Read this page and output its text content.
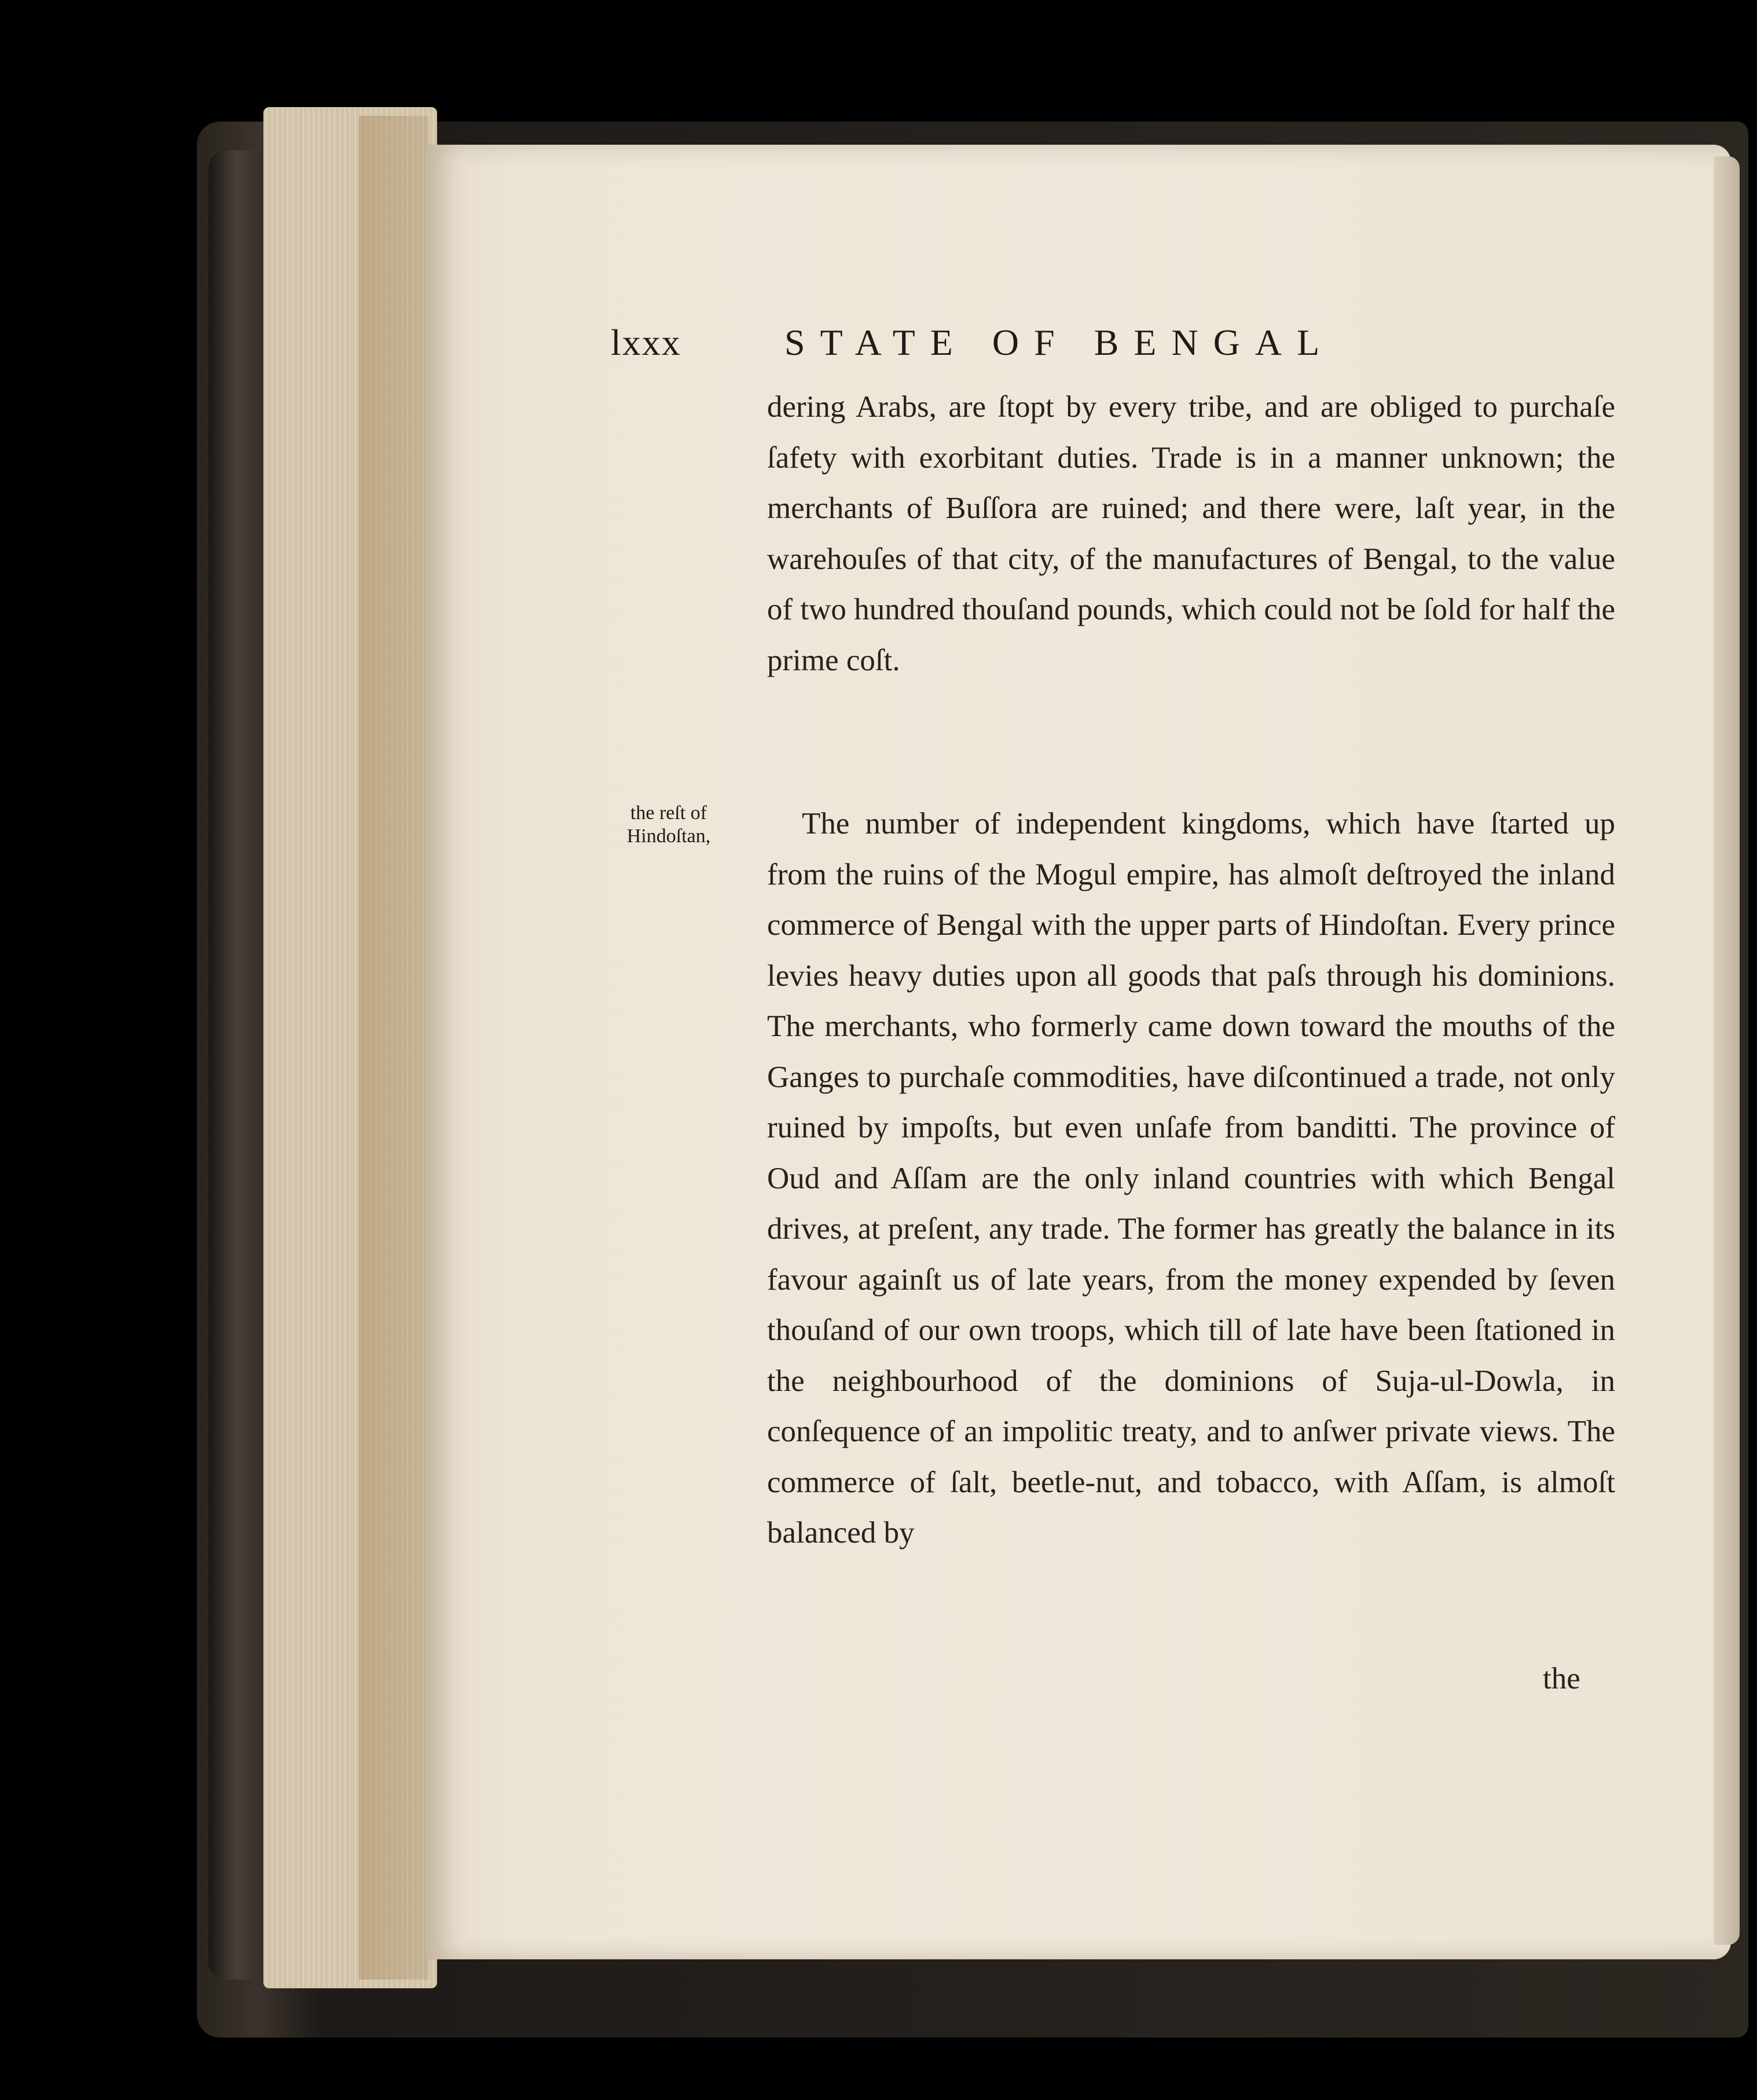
lxxx	STATE OF BENGAL

dering Arabs, are ſtopt by every tribe, and are obliged to purchaſe ſafety with exorbitant duties. Trade is in a manner unknown; the merchants of Buſſora are ruined; and there were, laſt year, in the warehouſes of that city, of the manufactures of Bengal, to the value of two hundred thouſand pounds, which could not be ſold for half the prime coſt.

the reſt of
Hindoſtan,	The number of independent kingdoms, which have ſtarted up from the ruins of the Mogul empire, has almoſt deſtroyed the inland commerce of Bengal with the upper parts of Hindoſtan. Every prince levies heavy duties upon all goods that paſs through his dominions. The merchants, who formerly came down toward the mouths of the Ganges to purchaſe commodities, have diſcontinued a trade, not only ruined by impoſts, but even unſafe from banditti. The province of Oud and Aſſam are the only inland countries with which Bengal drives, at preſent, any trade. The former has greatly the balance in its favour againſt us of late years, from the money expended by ſeven thouſand of our own troops, which till of late have been ſtationed in the neighbourhood of the dominions of Suja-ul-Dowla, in conſequence of an impolitic treaty, and to anſwer private views. The commerce of ſalt, beetle-nut, and tobacco, with Aſſam, is almoſt balanced by

the
